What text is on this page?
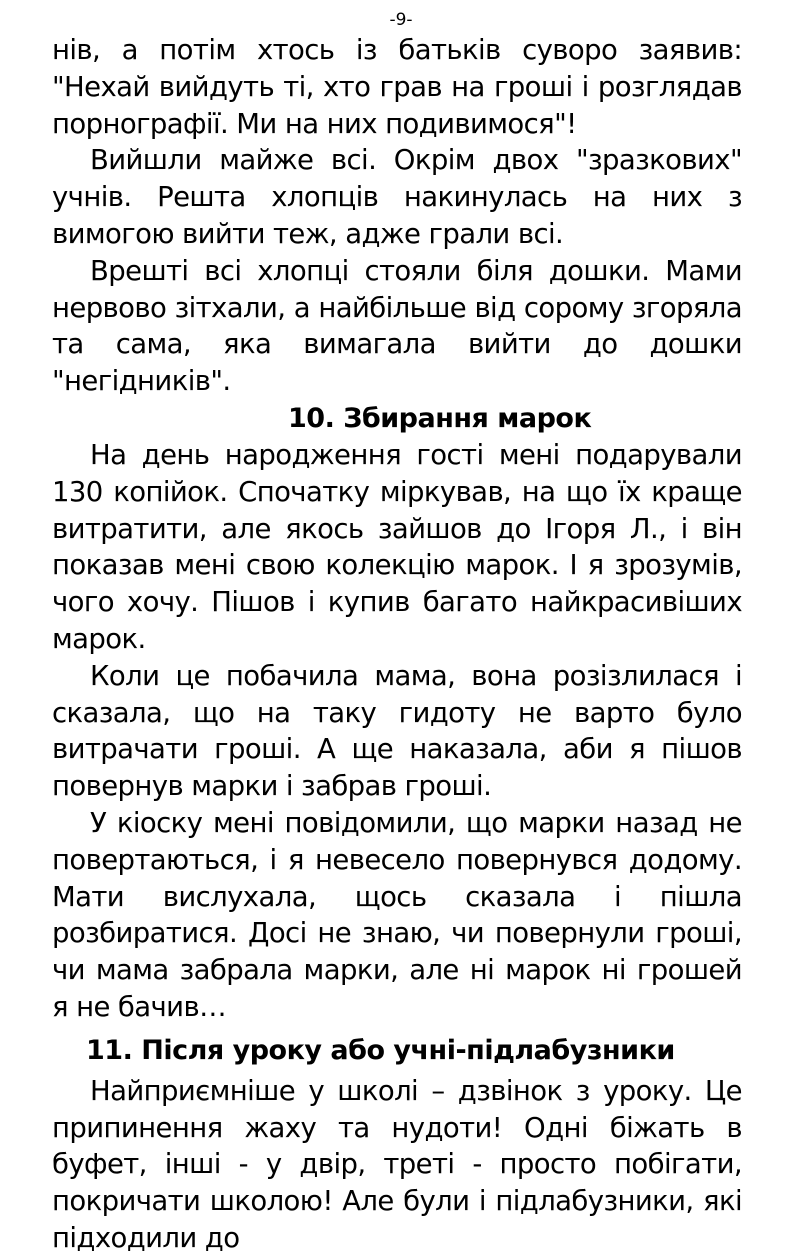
-9-

нів, а потім хтось із батьків суворо заявив: "Нехай вийдуть ті, хто грав на гроші і розглядав порнографії. Ми на них подивимося"!

Вийшли майже всі. Окрім двох "зразкових" учнів. Решта хлопців накинулась на них з вимогою вийти теж, адже грали всі.

Врешті всі хлопці стояли біля дошки. Мами нервово зітхали, а найбільше від сорому згоряла та сама, яка вимагала вийти до дошки "негідників".

10. Збирання марок

На день народження гості мені подарували 130 копійок. Спочатку міркував, на що їх краще витратити, але якось зайшов до Ігоря Л., і він показав мені свою колекцію марок. І я зрозумів, чого хочу. Пішов і купив багато найкрасивіших марок.

Коли це побачила мама, вона розізлилася і сказала, що на таку гидоту не варто було витрачати гроші. А ще наказала, аби я пішов повернув марки і забрав гроші.

У кіоску мені повідомили, що марки назад не повертаються, і я невесело повернувся додому. Мати вислухала, щось сказала і пішла розбиратися. Досі не знаю, чи повернули гроші, чи мама забрала марки, але ні марок ні грошей я не бачив…

11. Після уроку або учні-підлабузники

Найприємніше у школі – дзвінок з уроку. Це припинення жаху та нудоти! Одні біжать в буфет, інші - у двір, треті - просто побігати, покричати школою! Але були і підлабузники, які підходили до
